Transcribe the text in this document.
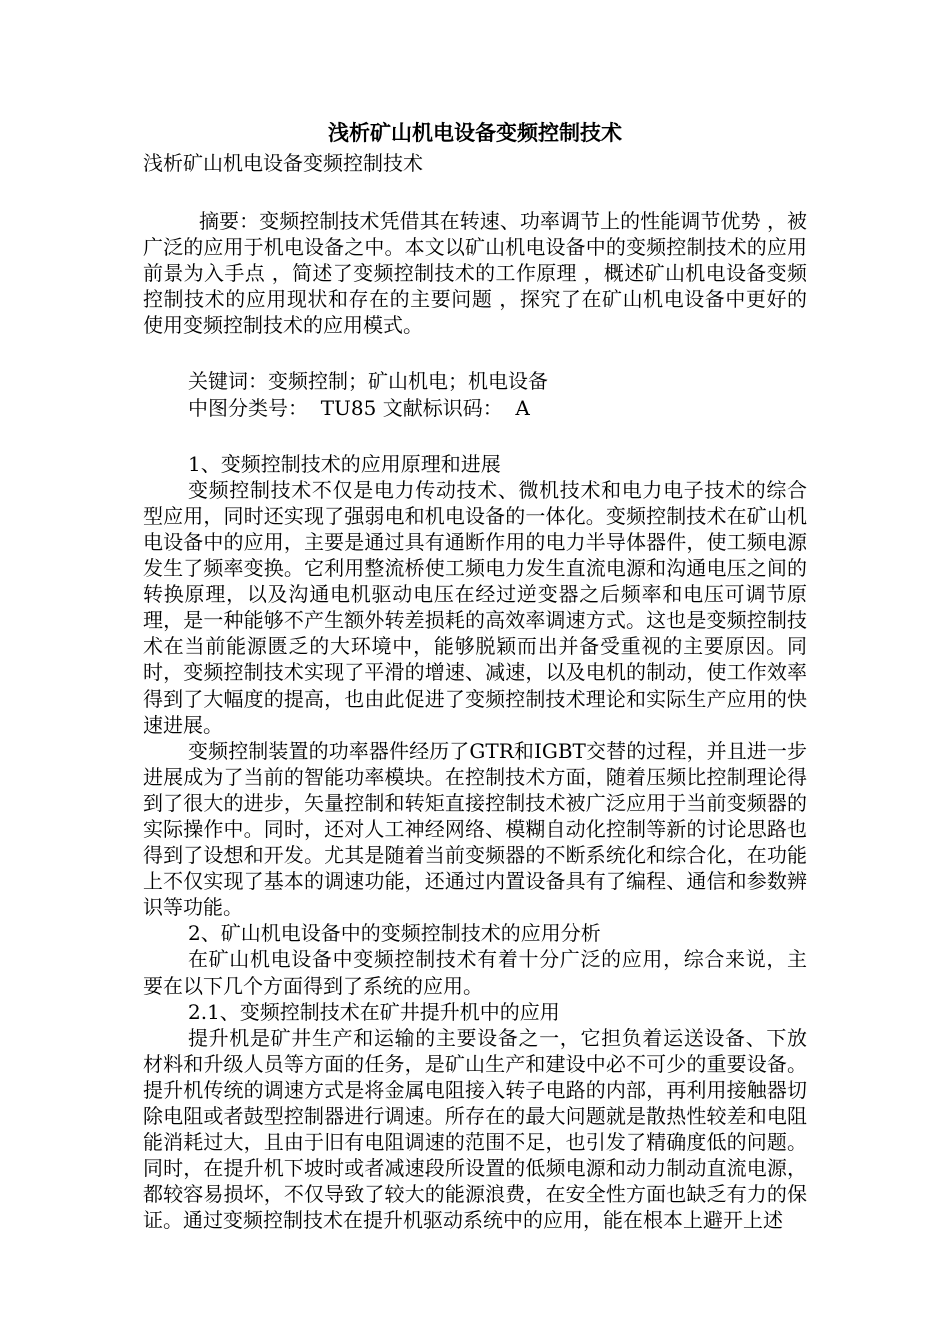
浅析矿山机电设备变频控制技术

浅析矿山机电设备变频控制技术

摘要：变频控制技术凭借其在转速、功率调节上的性能调节优势 ，被广泛的应用于机电设备之中。本文以矿山机电设备中的变频控制技术的应用前景为入手点 ，简述了变频控制技术的工作原理 ，概述矿山机电设备变频控制技术的应用现状和存在的主要问题 ，探究了在矿山机电设备中更好的使用变频控制技术的应用模式。

关键词：变频控制；矿山机电；机电设备

中图分类号：  TU85 文献标识码：  A

1、变频控制技术的应用原理和进展

变频控制技术不仅是电力传动技术、微机技术和电力电子技术的综合型应用，同时还实现了强弱电和机电设备的一体化。变频控制技术在矿山机电设备中的应用，主要是通过具有通断作用的电力半导体器件，使工频电源发生了频率变换。它利用整流桥使工频电力发生直流电源和沟通电压之间的转换原理，以及沟通电机驱动电压在经过逆变器之后频率和电压可调节原理，是一种能够不产生额外转差损耗的高效率调速方式。这也是变频控制技术在当前能源匮乏的大环境中，能够脱颖而出并备受重视的主要原因。同时，变频控制技术实现了平滑的增速、减速，以及电机的制动，使工作效率得到了大幅度的提高，也由此促进了变频控制技术理论和实际生产应用的快速进展。

变频控制装置的功率器件经历了GTR和IGBT交替的过程，并且进一步进展成为了当前的智能功率模块。在控制技术方面，随着压频比控制理论得到了很大的进步，矢量控制和转矩直接控制技术被广泛应用于当前变频器的实际操作中。同时，还对人工神经网络、模糊自动化控制等新的讨论思路也得到了设想和开发。尤其是随着当前变频器的不断系统化和综合化，在功能上不仅实现了基本的调速功能，还通过内置设备具有了编程、通信和参数辨识等功能。

2、矿山机电设备中的变频控制技术的应用分析

在矿山机电设备中变频控制技术有着十分广泛的应用，综合来说，主要在以下几个方面得到了系统的应用。

2.1、变频控制技术在矿井提升机中的应用

提升机是矿井生产和运输的主要设备之一，它担负着运送设备、下放材料和升级人员等方面的任务，是矿山生产和建设中必不可少的重要设备。提升机传统的调速方式是将金属电阻接入转子电路的内部，再利用接触器切除电阻或者鼓型控制器进行调速。所存在的最大问题就是散热性较差和电阻能消耗过大，且由于旧有电阻调速的范围不足，也引发了精确度低的问题。同时，在提升机下坡时或者减速段所设置的低频电源和动力制动直流电源，都较容易损坏，不仅导致了较大的能源浪费，在安全性方面也缺乏有力的保证。通过变频控制技术在提升机驱动系统中的应用，能在根本上避开上述
